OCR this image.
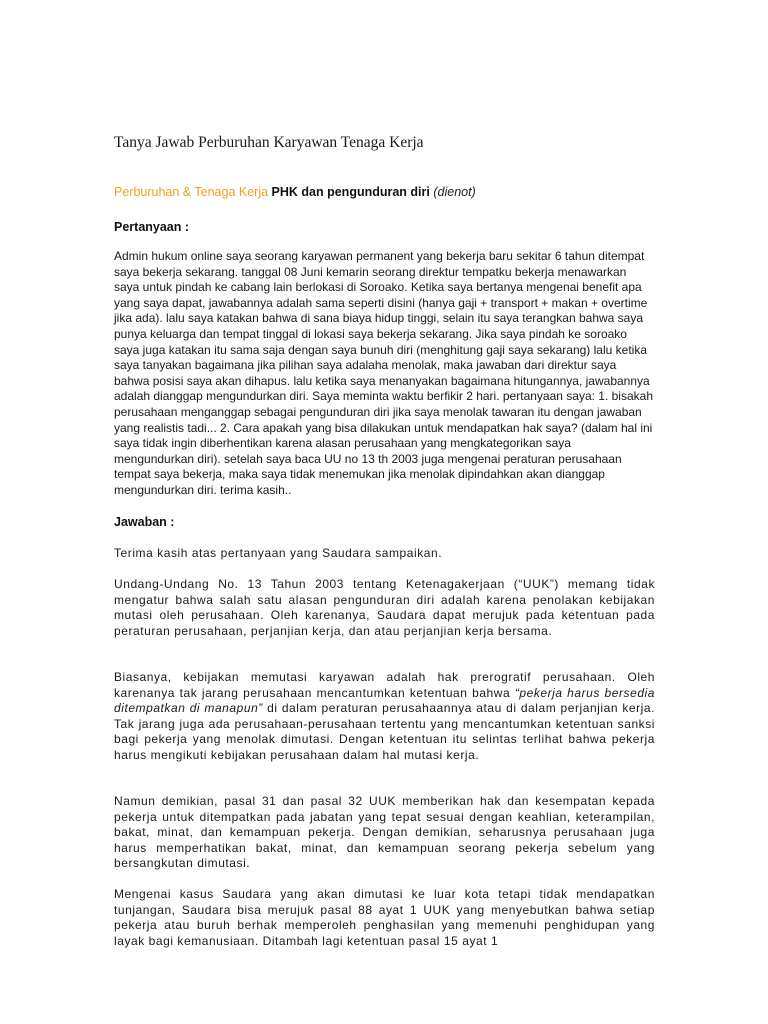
Tanya Jawab Perburuhan Karyawan Tenaga Kerja
Perburuhan & Tenaga Kerja PHK dan pengunduran diri (dienot)
Pertanyaan :

Admin hukum online saya seorang karyawan permanent yang bekerja baru sekitar 6 tahun ditempat saya bekerja sekarang. tanggal 08 Juni kemarin seorang direktur tempatku bekerja menawarkan saya untuk pindah ke cabang lain berlokasi di Soroako. Ketika saya bertanya mengenai benefit apa yang saya dapat, jawabannya adalah sama seperti disini (hanya gaji + transport + makan + overtime jika ada). lalu saya katakan bahwa di sana biaya hidup tinggi, selain itu saya terangkan bahwa saya punya keluarga dan tempat tinggal di lokasi saya bekerja sekarang. Jika saya pindah ke soroako saya juga katakan itu sama saja dengan saya bunuh diri (menghitung gaji saya sekarang) lalu ketika saya tanyakan bagaimana jika pilihan saya adalaha menolak, maka jawaban dari direktur saya bahwa posisi saya akan dihapus. lalu ketika saya menanyakan bagaimana hitungannya, jawabannya adalah dianggap mengundurkan diri. Saya meminta waktu berfikir 2 hari. pertanyaan saya: 1. bisakah perusahaan menganggap sebagai pengunduran diri jika saya menolak tawaran itu dengan jawaban yang realistis tadi... 2. Cara apakah yang bisa dilakukan untuk mendapatkan hak saya? (dalam hal ini saya tidak ingin diberhentikan karena alasan perusahaan yang mengkategorikan saya mengundurkan diri). setelah saya baca UU no 13 th 2003 juga mengenai peraturan perusahaan tempat saya bekerja, maka saya tidak menemukan jika menolak dipindahkan akan dianggap mengundurkan diri. terima kasih..

Jawaban :

Terima kasih atas pertanyaan yang Saudara sampaikan.

Undang-Undang No. 13 Tahun 2003 tentang Ketenagakerjaan (“UUK”) memang tidak mengatur bahwa salah satu alasan pengunduran diri adalah karena penolakan kebijakan mutasi oleh perusahaan. Oleh karenanya, Saudara dapat merujuk pada ketentuan pada peraturan perusahaan, perjanjian kerja, dan atau perjanjian kerja bersama.

Biasanya, kebijakan memutasi karyawan adalah hak prerogratif perusahaan. Oleh karenanya tak jarang perusahaan mencantumkan ketentuan bahwa “pekerja harus bersedia ditempatkan di manapun” di dalam peraturan perusahaannya atau di dalam perjanjian kerja. Tak jarang juga ada perusahaan-perusahaan tertentu yang mencantumkan ketentuan sanksi bagi pekerja yang menolak dimutasi. Dengan ketentuan itu selintas terlihat bahwa pekerja harus mengikuti kebijakan perusahaan dalam hal mutasi kerja.

Namun demikian, pasal 31 dan pasal 32 UUK memberikan hak dan kesempatan kepada pekerja untuk ditempatkan pada jabatan yang tepat sesuai dengan keahlian, keterampilan, bakat, minat, dan kemampuan pekerja. Dengan demikian, seharusnya perusahaan juga harus memperhatikan bakat, minat, dan kemampuan seorang pekerja sebelum yang bersangkutan dimutasi.

Mengenai kasus Saudara yang akan dimutasi ke luar kota tetapi tidak mendapatkan tunjangan, Saudara bisa merujuk pasal 88 ayat 1 UUK yang menyebutkan bahwa setiap pekerja atau buruh berhak memperoleh penghasilan yang memenuhi penghidupan yang layak bagi kemanusiaan. Ditambah lagi ketentuan pasal 15 ayat 1
